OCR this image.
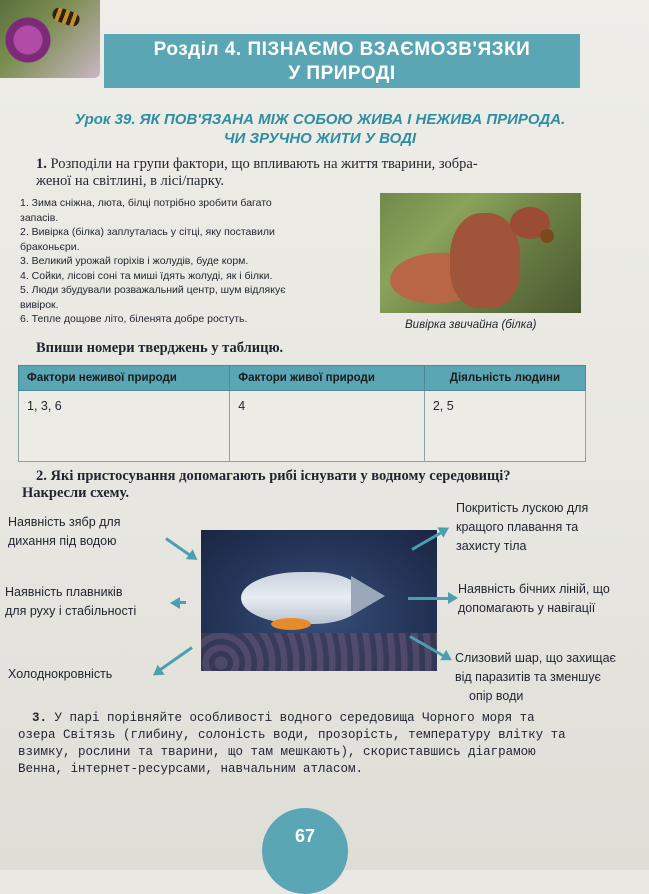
Розділ 4. ПІЗНАЄМО ВЗАЄМОЗВ'ЯЗКИ
У ПРИРОДІ
Урок 39. ЯК ПОВ'ЯЗАНА МІЖ СОБОЮ ЖИВА І НЕЖИВА ПРИРОДА.
ЧИ ЗРУЧНО ЖИТИ У ВОДІ
1. Розподіли на групи фактори, що впливають на життя тварини, зобра-
женої на світлині, в лісі/парку.
1. Зима сніжна, люта, білці потрібно зробити багато
запасів.
2. Вивірка (білка) заплуталась у сітці, яку поставили
браконьєри.
3. Великий урожай горіхів і жолудів, буде корм.
4. Сойки, лісові соні та миші їдять жолуді, як і білки.
5. Люди збудували розважальний центр, шум відлякує
вивірок.
6. Тепле дощове літо, біленята добре ростуть.	Вивірка звичайна (білка)
Впиши номери тверджень у таблицю.
Фактори неживої природи	Фактори живої природи	Діяльність людини
1, 3, 6	4	2, 5
2. Які пристосування допомагають рибі існувати у водному середовищі?
Накресли схему.
Наявність зябр для
дихання під водою
Наявність плавників
для руху і стабільності
Холоднокровність
Покритість лускою для
кращого плавання та
захисту тіла
Наявність бічних ліній, що
допомагають у навігації
Слизовий шар, що захищає
від паразитів та зменшує
опір води
3. У парі порівняйте особливості водного середовища Чорного моря та
озера Світязь (глибину, солоність води, прозорість, температуру влітку та
взимку, рослини та тварини, що там мешкають), скориставшись діаграмою
Венна, інтернет-ресурсами, навчальним атласом.
67
